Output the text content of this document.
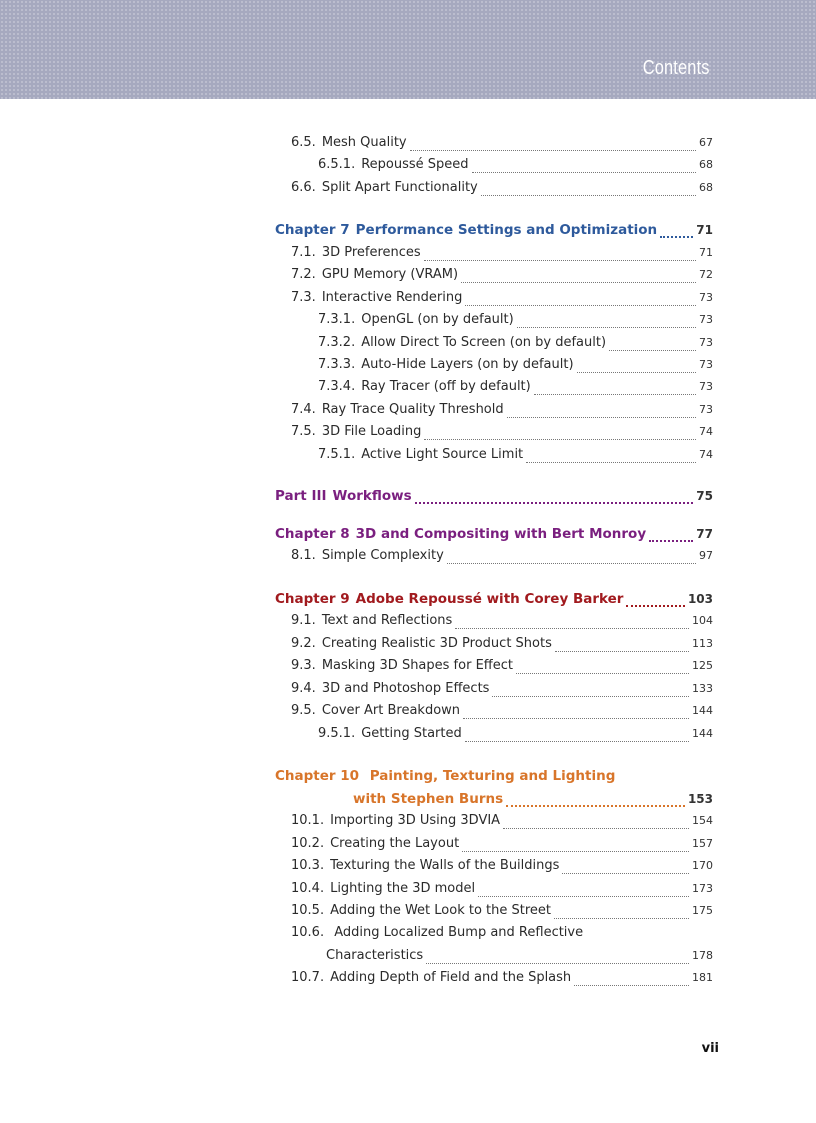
Contents
6.5. Mesh Quality	67
6.5.1. Repoussé Speed	68
6.6. Split Apart Functionality	68
Chapter 7 Performance Settings and Optimization	71
7.1. 3D Preferences	71
7.2. GPU Memory (VRAM)	72
7.3. Interactive Rendering	73
7.3.1. OpenGL (on by default)	73
7.3.2. Allow Direct To Screen (on by default)	73
7.3.3. Auto-Hide Layers (on by default)	73
7.3.4. Ray Tracer (off by default)	73
7.4. Ray Trace Quality Threshold	73
7.5. 3D File Loading	74
7.5.1. Active Light Source Limit	74
Part III Workflows	75
Chapter 8 3D and Compositing with Bert Monroy	77
8.1. Simple Complexity	97
Chapter 9 Adobe Repoussé with Corey Barker	103
9.1. Text and Reflections	104
9.2. Creating Realistic 3D Product Shots	113
9.3. Masking 3D Shapes for Effect	125
9.4. 3D and Photoshop Effects	133
9.5. Cover Art Breakdown	144
9.5.1. Getting Started	144
Chapter 10 Painting, Texturing and Lighting
with Stephen Burns	153
10.1. Importing 3D Using 3DVIA	154
10.2. Creating the Layout	157
10.3. Texturing the Walls of the Buildings	170
10.4. Lighting the 3D model	173
10.5. Adding the Wet Look to the Street	175
10.6. Adding Localized Bump and Reflective
Characteristics	178
10.7. Adding Depth of Field and the Splash	181
vii
